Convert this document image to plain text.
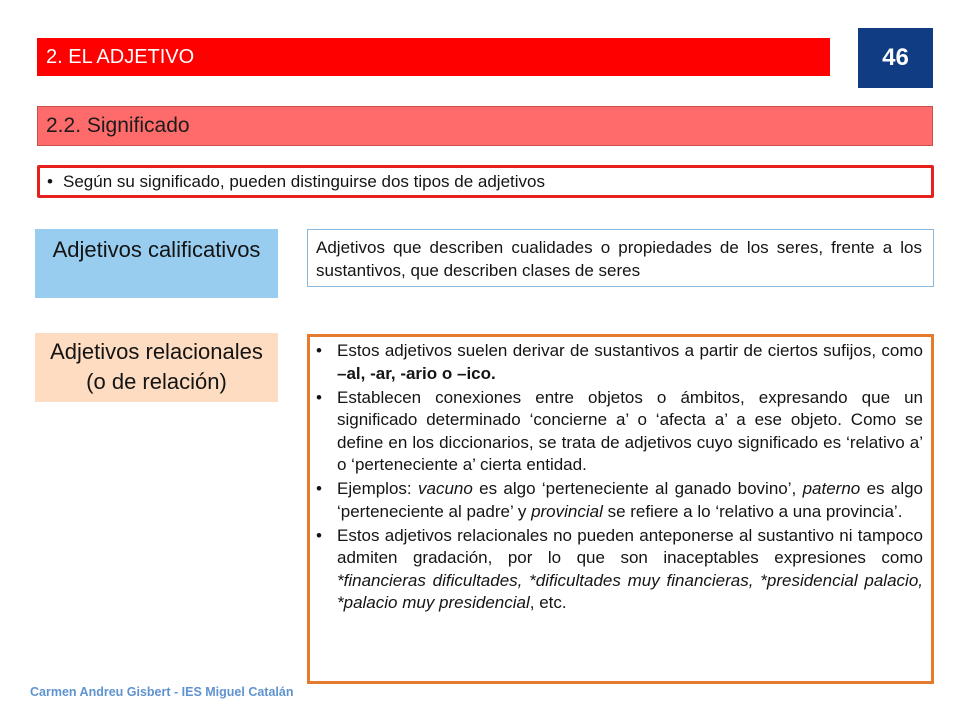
2. EL ADJETIVO	46
2.2. Significado
•
Según su significado, pueden distinguirse dos tipos de adjetivos
Adjetivos calificativos	Adjetivos que describen cualidades o propiedades de los seres, frente a los sustantivos, que describen clases de seres
Adjetivos relacionales
(o de relación)
•
Estos adjetivos suelen derivar de sustantivos a partir de ciertos sufijos, como –al, -ar, -ario o –ico.
•
Establecen conexiones entre objetos o ámbitos, expresando que un significado determinado ‘concierne a’ o ‘afecta a’ a ese objeto. Como se define en los diccionarios, se trata de adjetivos cuyo significado es ‘relativo a’ o ‘perteneciente a’ cierta entidad.
•
Ejemplos: vacuno es algo ‘perteneciente al ganado bovino’, paterno es algo ‘perteneciente al padre’ y provincial se refiere a lo ‘relativo a una provincia’.
•
Estos adjetivos relacionales no pueden anteponerse al sustantivo ni tampoco admiten gradación, por lo que son inaceptables expresiones como *financieras dificultades, *dificultades muy financieras, *presidencial palacio, *palacio muy presidencial, etc.
Carmen Andreu Gisbert - IES Miguel Catalán
